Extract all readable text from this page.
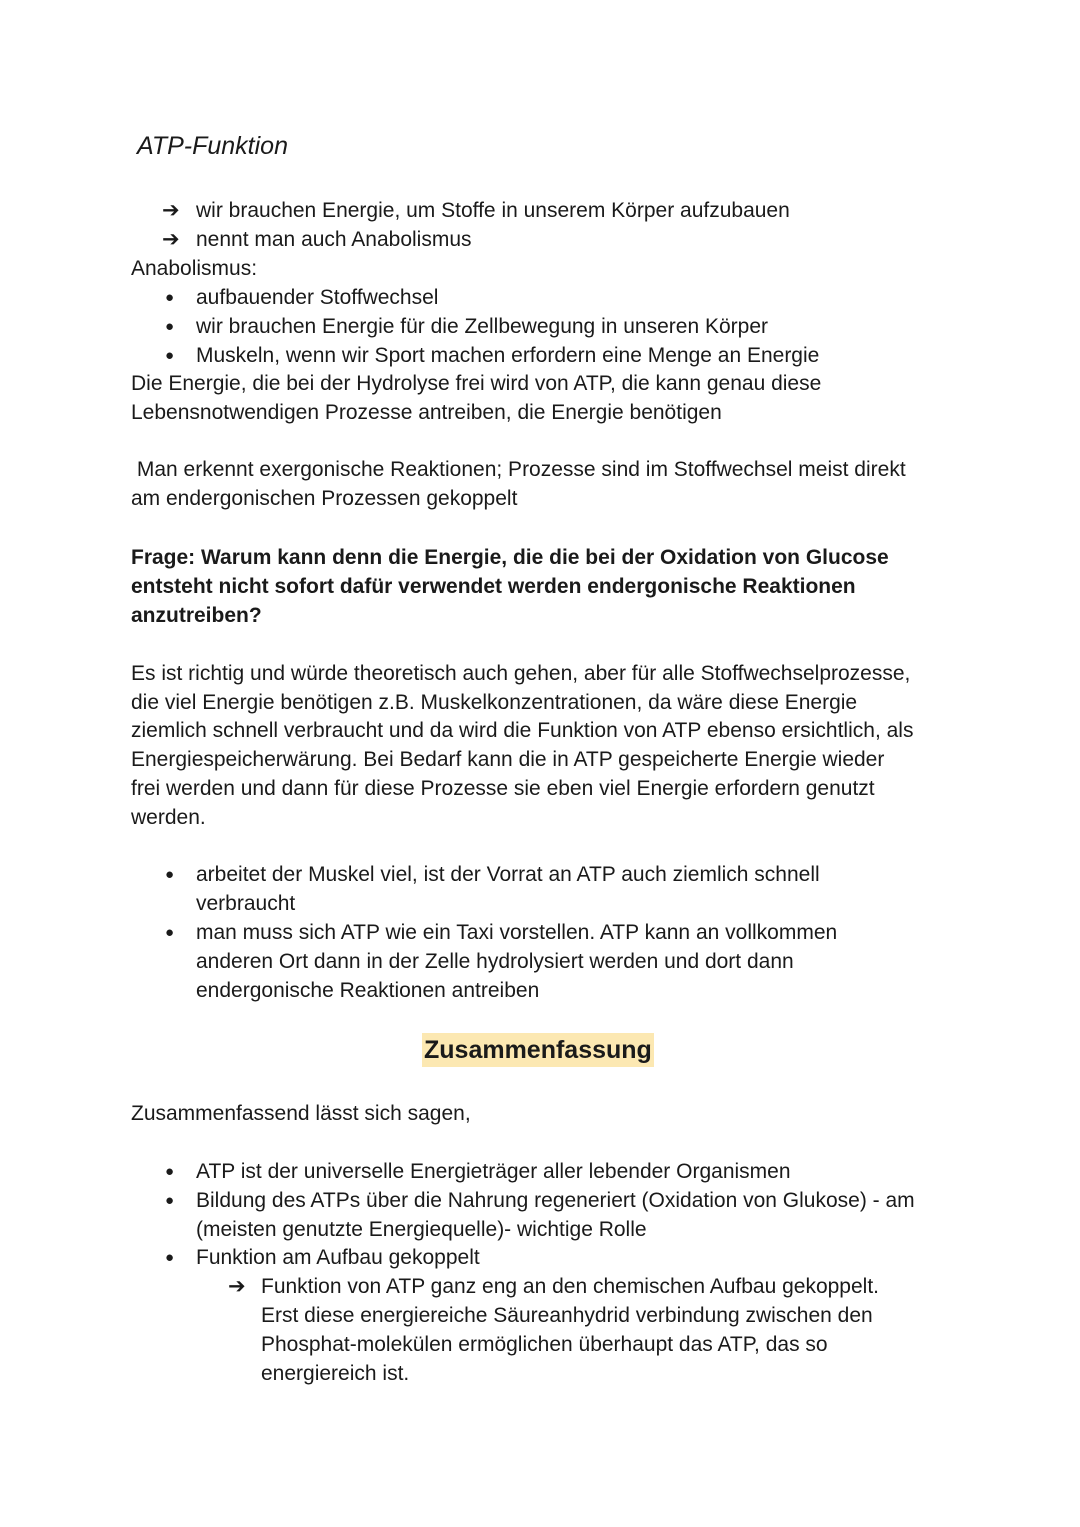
ATP-Funktion
➔ wir brauchen Energie, um Stoffe in unserem Körper aufzubauen
➔ nennt man auch Anabolismus
Anabolismus:
● aufbauender Stoffwechsel
● wir brauchen Energie für die Zellbewegung in unseren Körper
● Muskeln, wenn wir Sport machen erfordern eine Menge an Energie
Die Energie, die bei der Hydrolyse frei wird von ATP, die kann genau diese
Lebensnotwendigen Prozesse antreiben, die Energie benötigen
Man erkennt exergonische Reaktionen; Prozesse sind im Stoffwechsel meist direkt
am endergonischen Prozessen gekoppelt
Frage: Warum kann denn die Energie, die die bei der Oxidation von Glucose
entsteht nicht sofort dafür verwendet werden endergonische Reaktionen
anzutreiben?
Es ist richtig und würde theoretisch auch gehen, aber für alle Stoffwechselprozesse,
die viel Energie benötigen z.B. Muskelkonzentrationen, da wäre diese Energie
ziemlich schnell verbraucht und da wird die Funktion von ATP ebenso ersichtlich, als
Energiespeicherwärung. Bei Bedarf kann die in ATP gespeicherte Energie wieder
frei werden und dann für diese Prozesse sie eben viel Energie erfordern genutzt
werden.
● arbeitet der Muskel viel, ist der Vorrat an ATP auch ziemlich schnell
verbraucht
● man muss sich ATP wie ein Taxi vorstellen. ATP kann an vollkommen
anderen Ort dann in der Zelle hydrolysiert werden und dort dann
endergonische Reaktionen antreiben
Zusammenfassung
Zusammenfassend lässt sich sagen,
● ATP ist der universelle Energieträger aller lebender Organismen
● Bildung des ATPs über die Nahrung regeneriert (Oxidation von Glukose) - am
(meisten genutzte Energiequelle)- wichtige Rolle
● Funktion am Aufbau gekoppelt
➔ Funktion von ATP ganz eng an den chemischen Aufbau gekoppelt.
Erst diese energiereiche Säureanhydrid verbindung zwischen den
Phosphat-molekülen ermöglichen überhaupt das ATP, das so
energiereich ist.
